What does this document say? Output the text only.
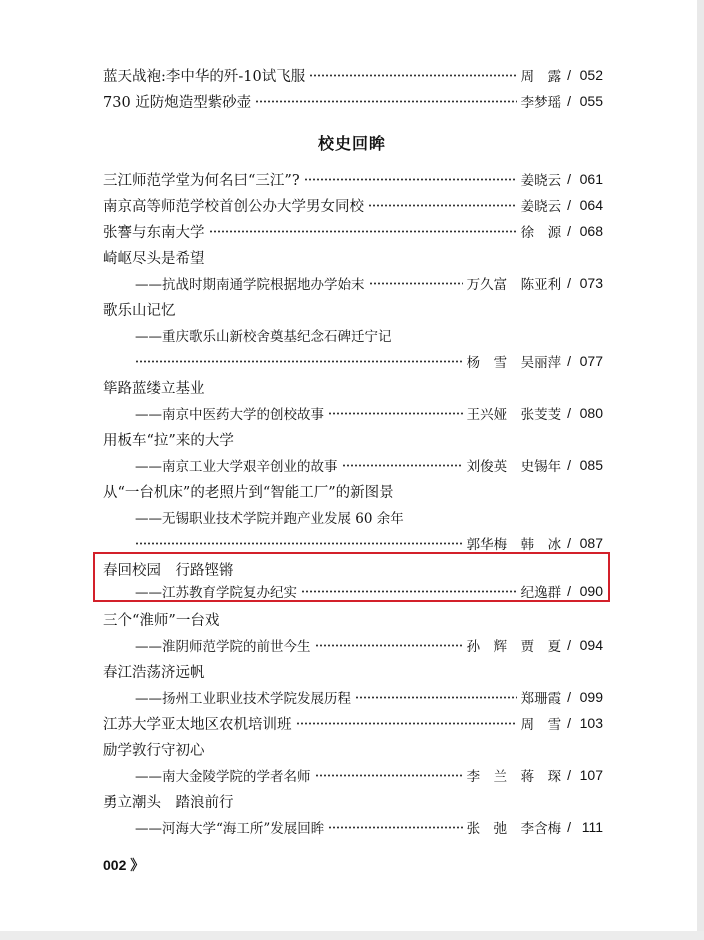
蓝天战袍:李中华的歼-10试飞服	周　露 / 052
730 近防炮造型紫砂壶	李梦瑶 / 055
校史回眸
三江师范学堂为何名曰“三江”?	姜晓云 / 061
南京高等师范学校首创公办大学男女同校	姜晓云 / 064
张謇与东南大学	徐　源 / 068
崎岖尽头是希望
——抗战时期南通学院根据地办学始末	万久富　陈亚利 / 073
歌乐山记忆
——重庆歌乐山新校舍奠基纪念石碑迁宁记
杨　雪　吴丽萍 / 077
筚路蓝缕立基业
——南京中医药大学的创校故事	王兴娅　张芰芰 / 080
用板车“拉”来的大学
——南京工业大学艰辛创业的故事	刘俊英　史锡年 / 085
从“一台机床”的老照片到“智能工厂”的新图景
——无锡职业技术学院并跑产业发展 60 余年
郭华梅　韩　冰 / 087
春回校园　行路铿锵
——江苏教育学院复办纪实	纪逸群 / 090
三个“淮师”一台戏
——淮阴师范学院的前世今生	孙　辉　贾　夏 / 094
春江浩荡济远帆
——扬州工业职业技术学院发展历程	郑珊霞 / 099
江苏大学亚太地区农机培训班	周　雪 / 103
励学敦行守初心
——南大金陵学院的学者名师	李　兰　蒋　琛 / 107
勇立潮头　踏浪前行
——河海大学“海工所”发展回眸	张　弛　李含梅 / 111
002 》
